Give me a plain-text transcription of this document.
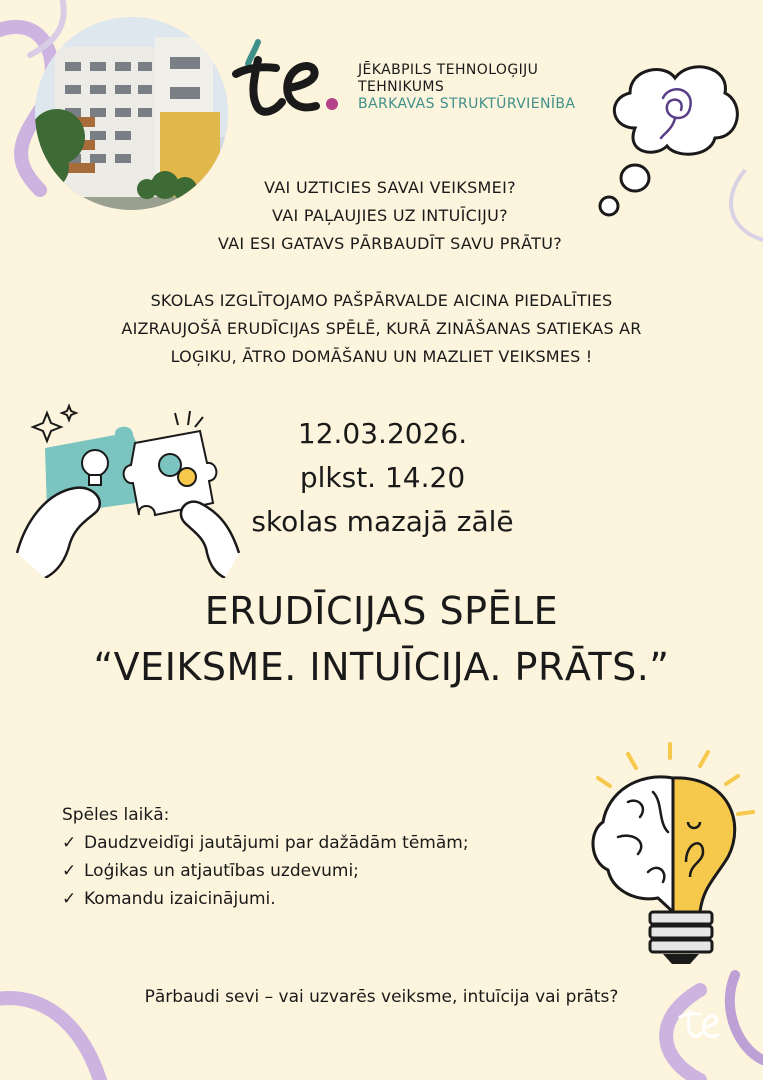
JĒKABPILS TEHNOLOĢIJU
TEHNIKUMS
BARKAVAS STRUKTŪRVIENĪBA
VAI UZTICIES SAVAI VEIKSMEI?
VAI PAĻAUJIES UZ INTUĪCIJU?
VAI ESI GATAVS PĀRBAUDĪT SAVU PRĀTU?
SKOLAS IZGLĪTOJAMO PAŠPĀRVALDE AICINA PIEDALĪTIES
AIZRAUJOŠĀ ERUDĪCIJAS SPĒLĒ, KURĀ ZINĀŠANAS SATIEKAS AR
LOĢIKU, ĀTRO DOMĀŠANU UN MAZLIET VEIKSMES !
12.03.2026.
plkst. 14.20
skolas mazajā zālē
ERUDĪCIJAS SPĒLE
“VEIKSME. INTUĪCIJA. PRĀTS.”
Spēles laikā:
✓ Daudzveidīgi jautājumi par dažādām tēmām;
✓ Loģikas un atjautības uzdevumi;
✓ Komandu izaicinājumi.
Pārbaudi sevi – vai uzvarēs veiksme, intuīcija vai prāts?
